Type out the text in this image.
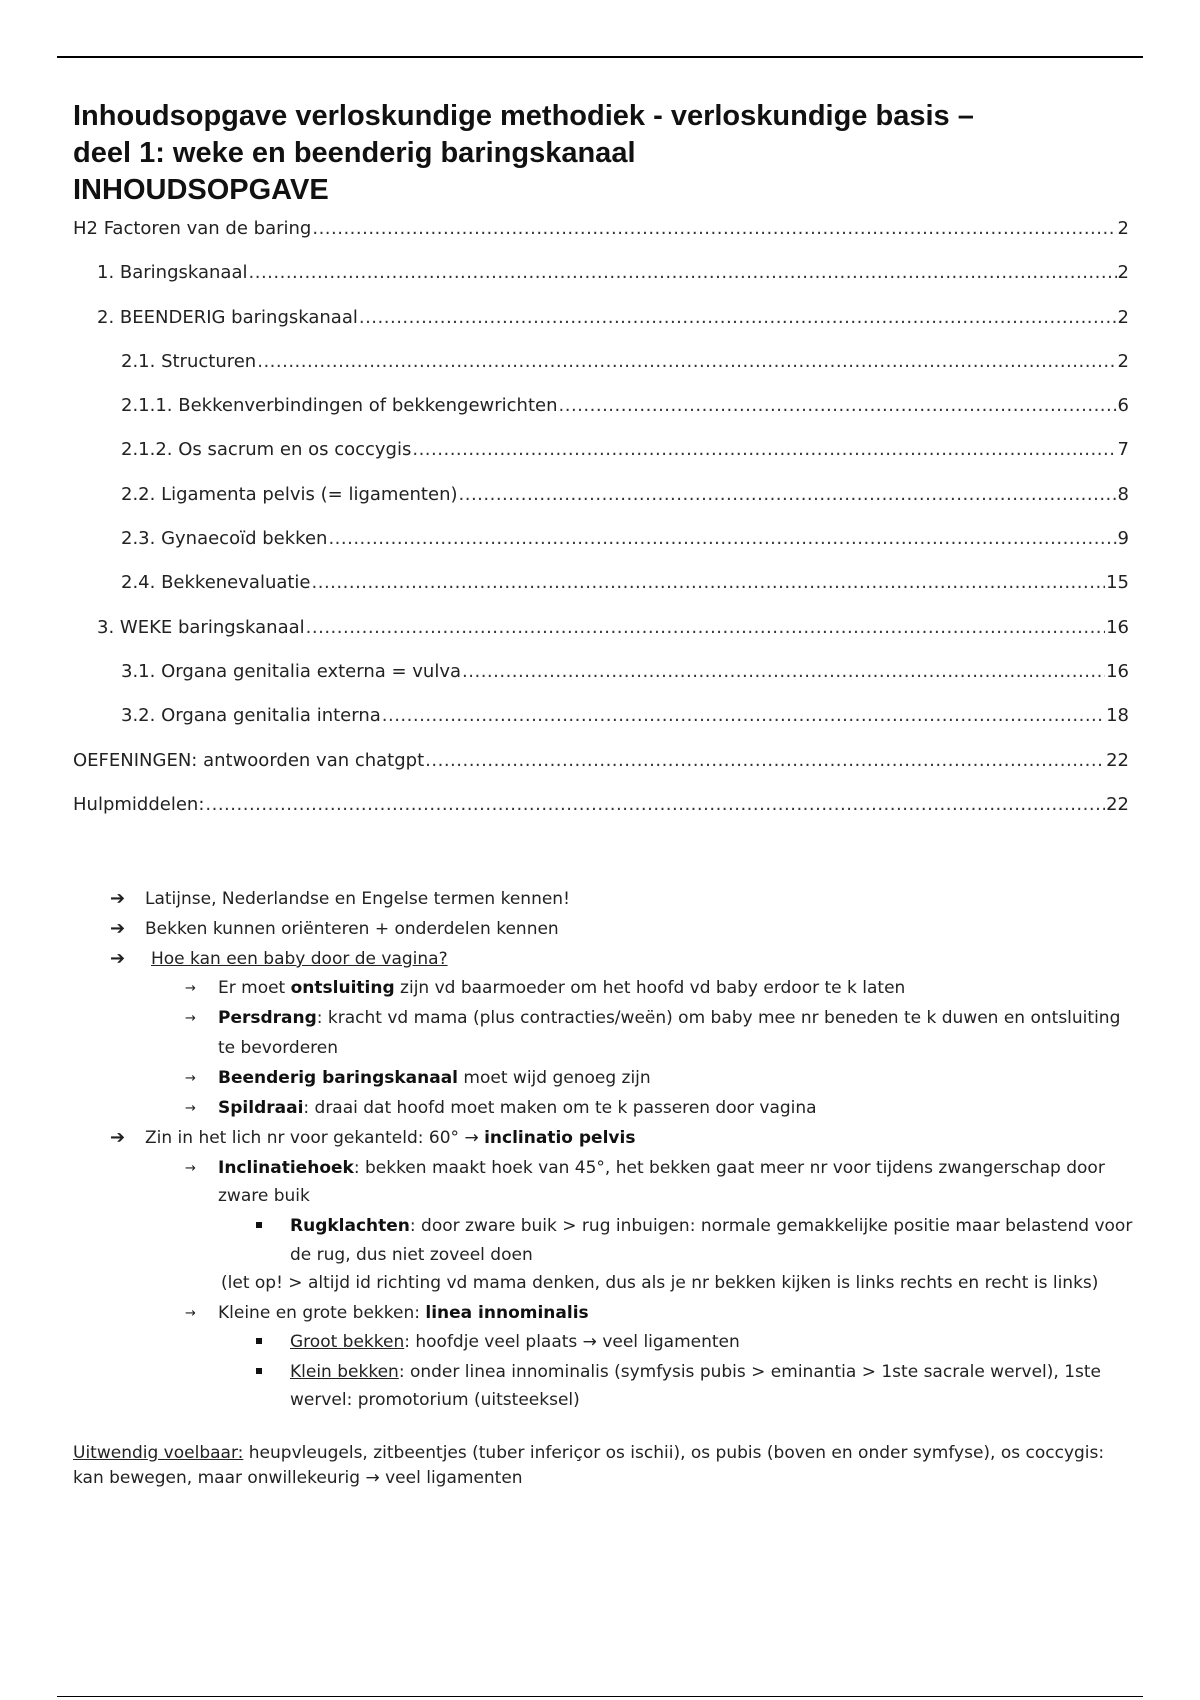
Inhoudsopgave verloskundige methodiek - verloskundige basis –
deel 1: weke en beenderig baringskanaal
INHOUDSOPGAVE
H2 Factoren van de baring .....	2
1. Baringskanaal .....	2
2. BEENDERIG baringskanaal .....	2
2.1. Structuren .....	2
2.1.1. Bekkenverbindingen of bekkengewrichten .....	6
2.1.2. Os sacrum en os coccygis .....	7
2.2. Ligamenta pelvis (= ligamenten) .....	8
2.3. Gynaecoïd bekken .....	9
2.4. Bekkenevaluatie .....	15
3. WEKE baringskanaal .....	16
3.1. Organa genitalia externa = vulva .....	16
3.2. Organa genitalia interna .....	18
OEFENINGEN: antwoorden van chatgpt .....	22
Hulpmiddelen: .....	22
➔ Latijnse, Nederlandse en Engelse termen kennen!
➔ Bekken kunnen oriënteren + onderdelen kennen
➔ Hoe kan een baby door de vagina?
→ Er moet ontsluiting zijn vd baarmoeder om het hoofd vd baby erdoor te k laten
→ Persdrang: kracht vd mama (plus contracties/weën) om baby mee nr beneden te k duwen en ontsluiting
te bevorderen
→ Beenderig baringskanaal moet wijd genoeg zijn
→ Spildraai: draai dat hoofd moet maken om te k passeren door vagina
➔ Zin in het lich nr voor gekanteld: 60° → inclinatio pelvis
→ Inclinatiehoek: bekken maakt hoek van 45°, het bekken gaat meer nr voor tijdens zwangerschap door
zware buik
Rugklachten: door zware buik > rug inbuigen: normale gemakkelijke positie maar belastend voor
de rug, dus niet zoveel doen
(let op! > altijd id richting vd mama denken, dus als je nr bekken kijken is links rechts en recht is links)
→ Kleine en grote bekken: linea innominalis
Groot bekken: hoofdje veel plaats → veel ligamenten
Klein bekken: onder linea innominalis (symfysis pubis > eminantia > 1ste sacrale wervel), 1ste
wervel: promotorium (uitsteeksel)
Uitwendig voelbaar: heupvleugels, zitbeentjes (tuber inferiçor os ischii), os pubis (boven en onder symfyse), os coccygis:
kan bewegen, maar onwillekeurig → veel ligamenten
